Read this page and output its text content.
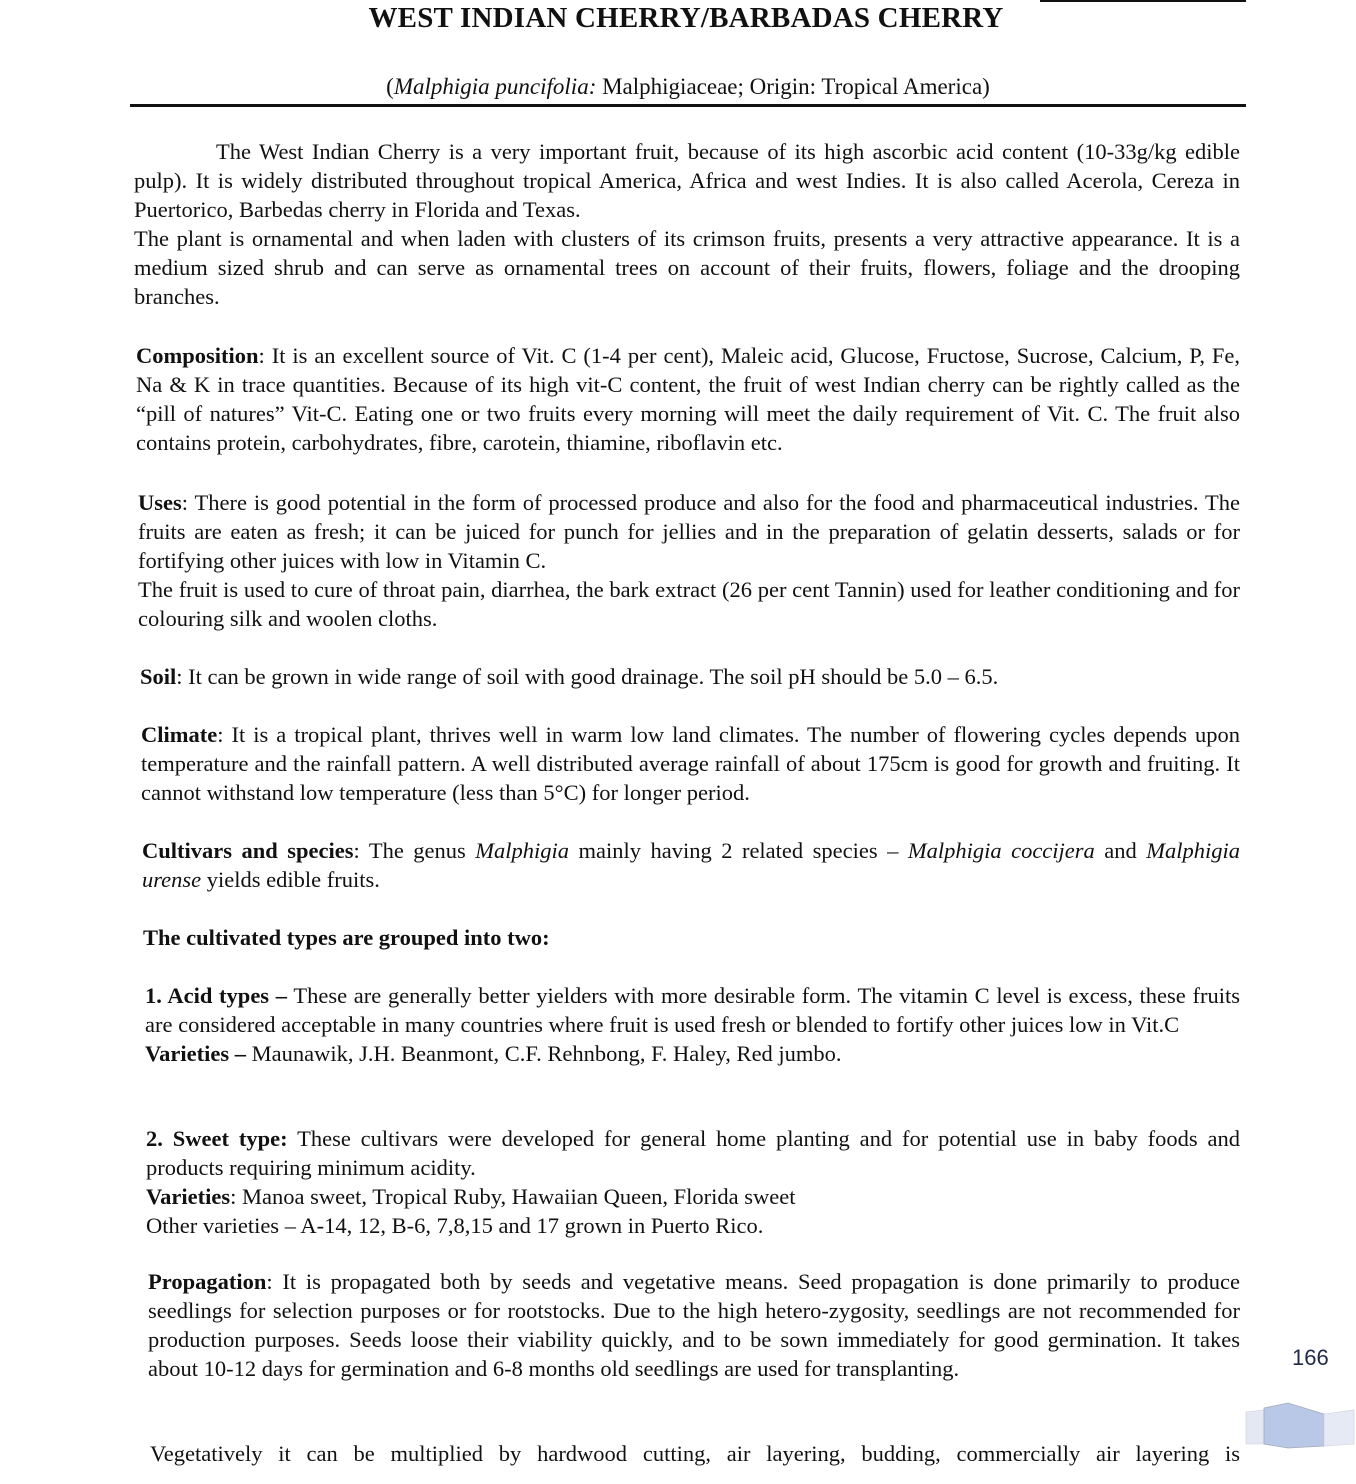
WEST INDIAN CHERRY/BARBADAS CHERRY
(Malphigia puncifolia: Malphigiaceae; Origin: Tropical America)

The West Indian Cherry is a very important fruit, because of its high ascorbic acid content (10-33g/kg edible pulp). It is widely distributed throughout tropical America, Africa and west Indies. It is also called Acerola, Cereza in Puertorico, Barbedas cherry in Florida and Texas.

The plant is ornamental and when laden with clusters of its crimson fruits, presents a very attractive appearance. It is a medium sized shrub and can serve as ornamental trees on account of their fruits, flowers, foliage and the drooping branches.

Composition: It is an excellent source of Vit. C (1-4 per cent), Maleic acid, Glucose, Fructose, Sucrose, Calcium, P, Fe, Na & K in trace quantities. Because of its high vit-C content, the fruit of west Indian cherry can be rightly called as the “pill of natures” Vit-C. Eating one or two fruits every morning will meet the daily requirement of Vit. C. The fruit also contains protein, carbohydrates, fibre, carotein, thiamine, riboflavin etc.

Uses: There is good potential in the form of processed produce and also for the food and pharmaceutical industries. The fruits are eaten as fresh; it can be juiced for punch for jellies and in the preparation of gelatin desserts, salads or for fortifying other juices with low in Vitamin C.

The fruit is used to cure of throat pain, diarrhea, the bark extract (26 per cent Tannin) used for leather conditioning and for colouring silk and woolen cloths.

Soil: It can be grown in wide range of soil with good drainage. The soil pH should be 5.0 – 6.5.

Climate: It is a tropical plant, thrives well in warm low land climates. The number of flowering cycles depends upon temperature and the rainfall pattern. A well distributed average rainfall of about 175cm is good for growth and fruiting. It cannot withstand low temperature (less than 5°C) for longer period.

Cultivars and species: The genus Malphigia mainly having 2 related species – Malphigia coccijera and Malphigia urense yields edible fruits.

The cultivated types are grouped into two:

1. Acid types – These are generally better yielders with more desirable form. The vitamin C level is excess, these fruits are considered acceptable in many countries where fruit is used fresh or blended to fortify other juices low in Vit.C

Varieties – Maunawik, J.H. Beanmont, C.F. Rehnbong, F. Haley, Red jumbo.

2. Sweet type: These cultivars were developed for general home planting and for potential use in baby foods and products requiring minimum acidity.

Varieties: Manoa sweet, Tropical Ruby, Hawaiian Queen, Florida sweet

Other varieties – A-14, 12, B-6, 7,8,15 and 17 grown in Puerto Rico.

Propagation: It is propagated both by seeds and vegetative means. Seed propagation is done primarily to produce seedlings for selection purposes or for rootstocks. Due to the high hetero-zygosity, seedlings are not recommended for production purposes. Seeds loose their viability quickly, and to be sown immediately for good germination. It takes about 10-12 days for germination and 6-8 months old seedlings are used for transplanting.

Vegetatively it can be multiplied by hardwood cutting, air layering, budding, commercially air layering is

166
